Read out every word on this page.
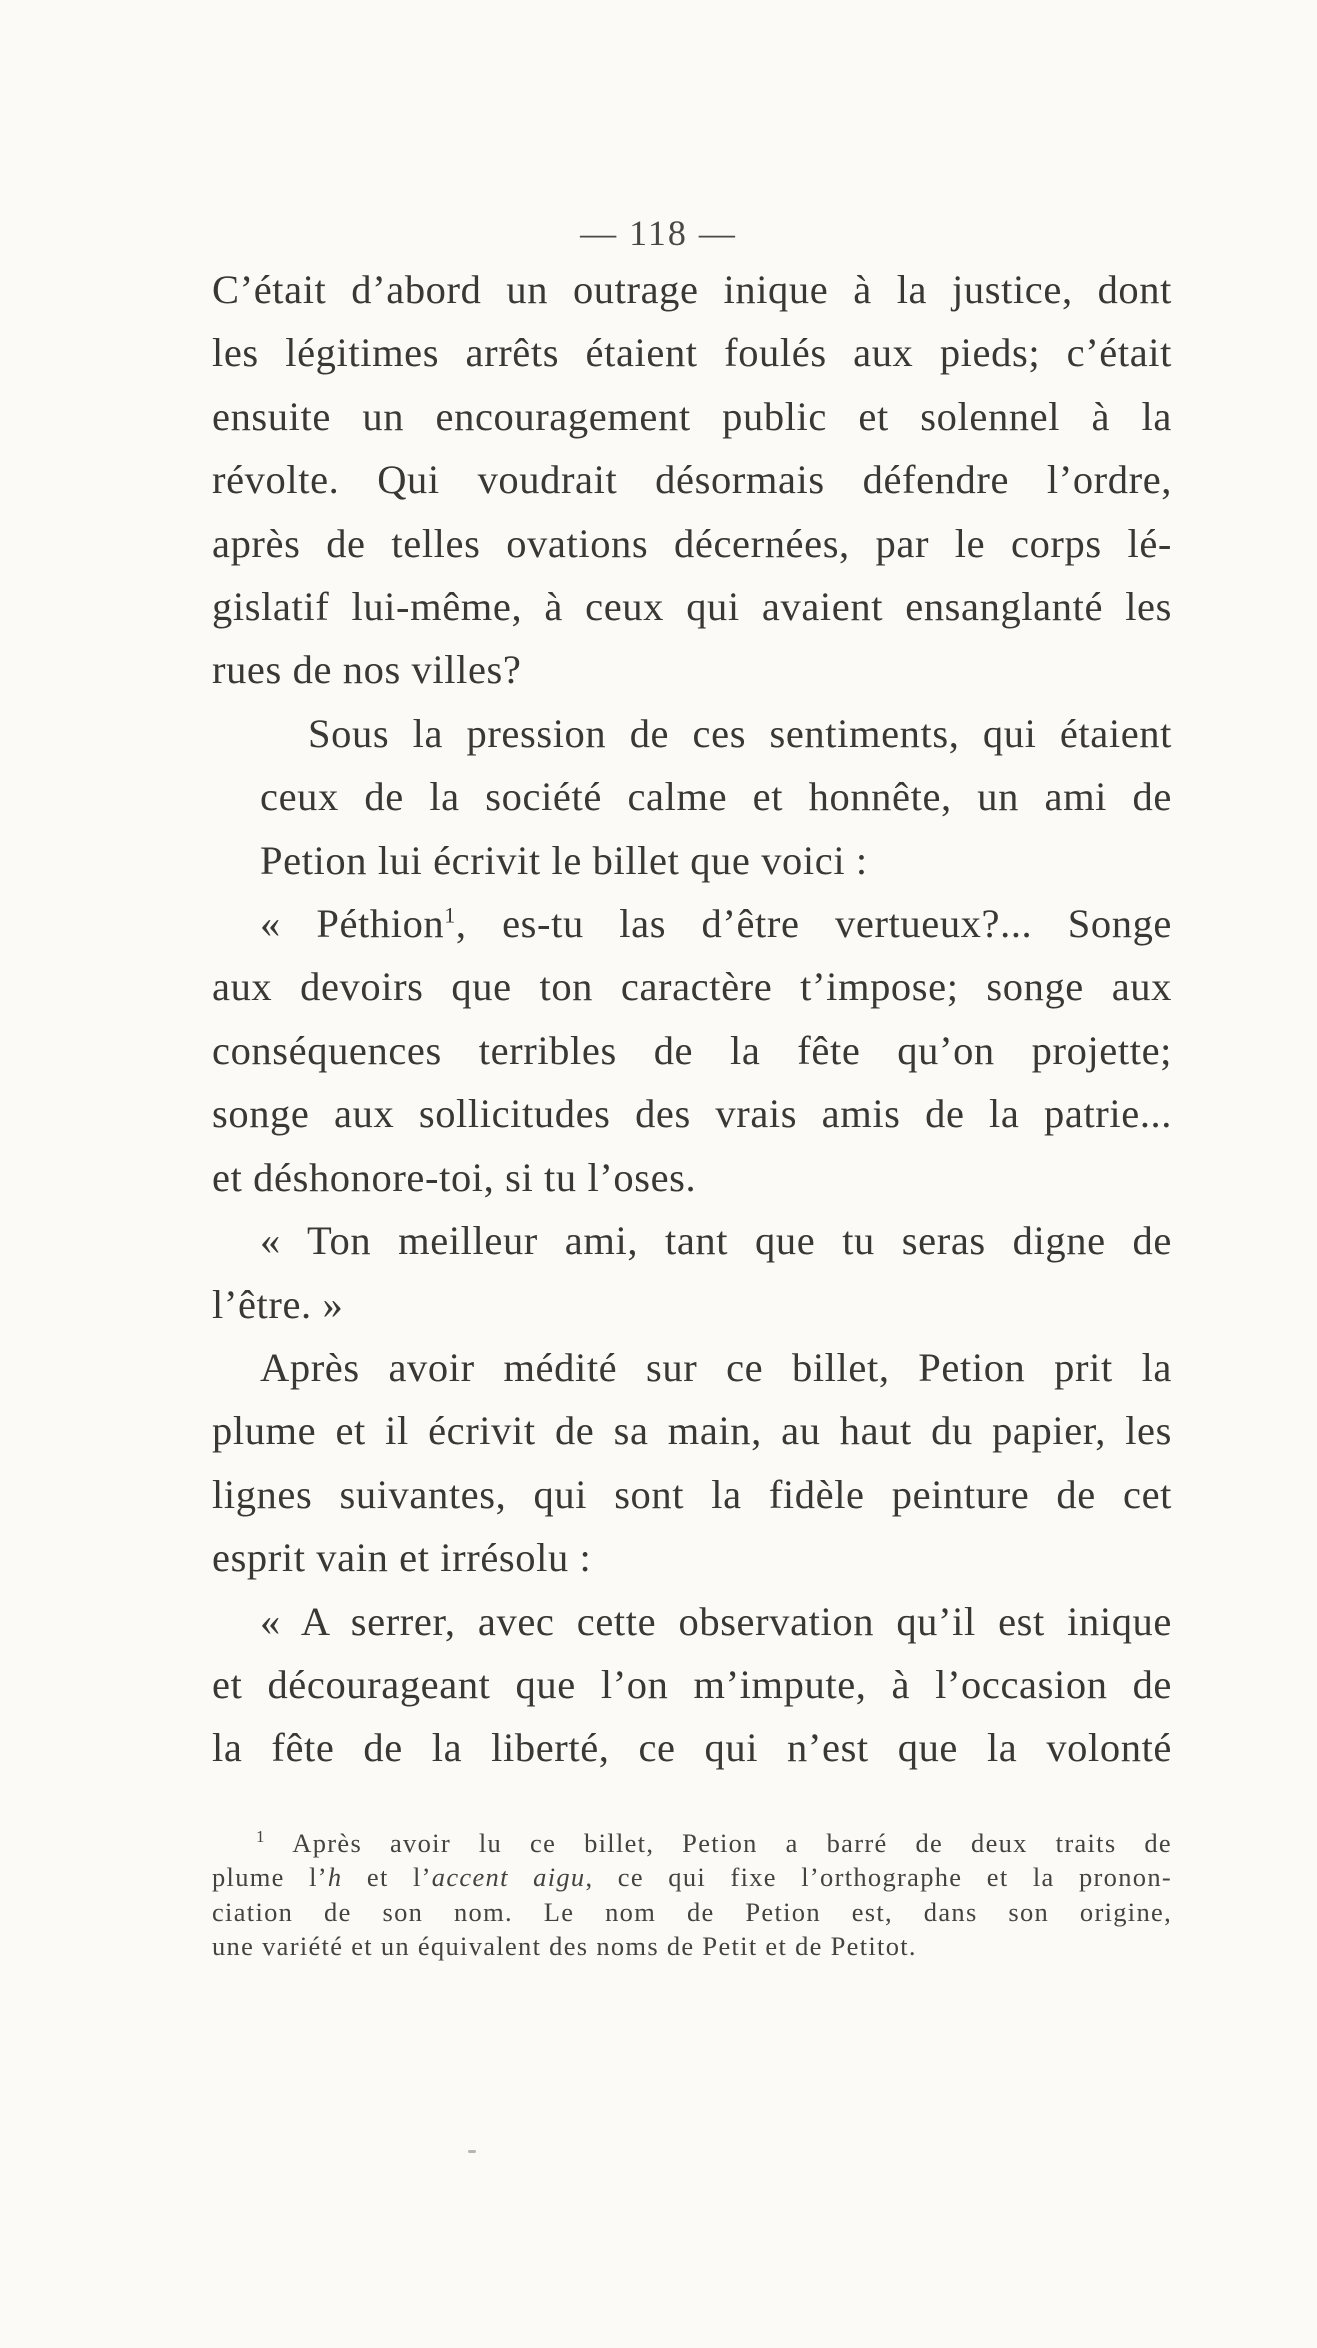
— 118 —
C’était d’abord un outrage inique à la justice, dont
les légitimes arrêts étaient foulés aux pieds; c’était
ensuite un encouragement public et solennel à la
révolte. Qui voudrait désormais défendre l’ordre,
après de telles ovations décernées, par le corps lé-
gislatif lui-même, à ceux qui avaient ensanglanté les
rues de nos villes?
Sous la pression de ces sentiments, qui étaient
ceux de la société calme et honnête, un ami de
Petion lui écrivit le billet que voici :
« Péthion$^1$, es-tu las d’être vertueux?... Songe
aux devoirs que ton caractère t’impose; songe aux
conséquences terribles de la fête qu’on projette;
songe aux sollicitudes des vrais amis de la patrie...
et déshonore-toi, si tu l’oses.
« Ton meilleur ami, tant que tu seras digne de
l’être. »
Après avoir médité sur ce billet, Petion prit la
plume et il écrivit de sa main, au haut du papier, les
lignes suivantes, qui sont la fidèle peinture de cet
esprit vain et irrésolu :
« A serrer, avec cette observation qu’il est inique
et décourageant que l’on m’impute, à l’occasion de
la fête de la liberté, ce qui n’est que la volonté
$^1$ Après avoir lu ce billet, Petion a barré de deux traits de
plume l’h et l’accent aigu, ce qui fixe l’orthographe et la pronon-
ciation de son nom. Le nom de Petion est, dans son origine,
une variété et un équivalent des noms de Petit et de Petitot.
